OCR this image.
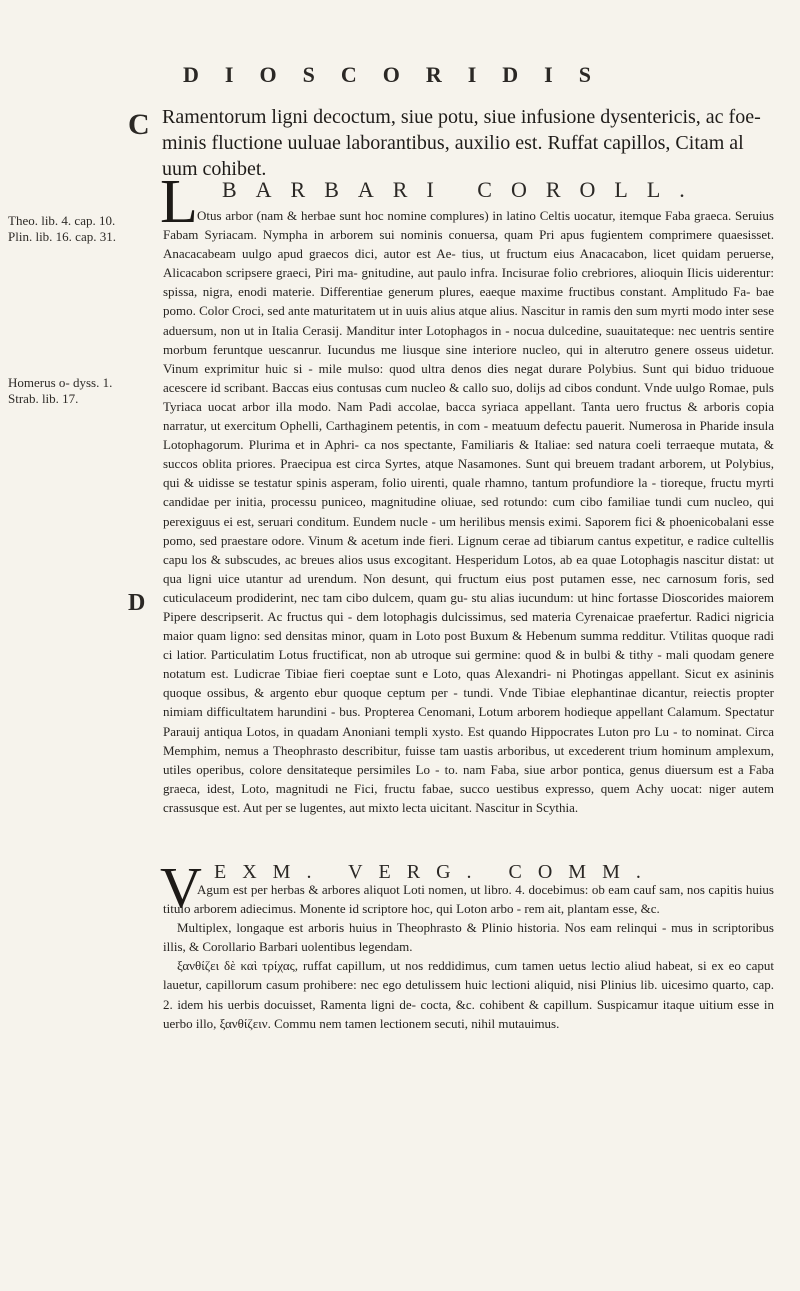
DIOSCORIDIS
C
D
Ramentorum ligni decoctum, siue potu, siue infusione dysentericis, ac foe- minis fluctione uuluae laborantibus, auxilio est. Ruffat capillos, Citam al uum cohibet.
BARBARI COROLL.
L Otus arbor (nam & herbae sunt hoc nomine complures) in latino Celtis uocatur, itemque Faba graeca. Seruius Fabam Syriacam. Nympha in arborem sui nominis conuersa, quam Pri apus fugientem comprimere quaesisset. Anacacabeam uulgo apud graecos dici, autor est Ae- tius, ut fructum eius Anacacabon, licet quidam peruerse, Alicacabon scripsere graeci, Piri ma- gnitudine, aut paulo infra. Incisurae folio crebriores, alioquin Ilicis uiderentur: spissa, nigra, enodi materie. Differentiae generum plures, eaeque maxime fructibus constant. Amplitudo Fa- bae pomo. Color Croci, sed ante maturitatem ut in uuis alius atque alius. Nascitur in ramis den sum myrti modo inter sese aduersum, non ut in Italia Cerasij. Manditur inter Lotophagos in - nocua dulcedine, suauitateque: nec uentris sentire morbum feruntque uescanrur. Iucundus me liusque sine interiore nucleo, qui in alterutro genere osseus uidetur. Vinum exprimitur huic si - mile mulso: quod ultra denos dies negat durare Polybius. Sunt qui biduo triduoue acescere id scribant. Baccas eius contusas cum nucleo & callo suo, dolijs ad cibos condunt. Vnde uulgo Romae, puls Tyriaca uocat arbor illa modo. Nam Padi accolae, bacca syriaca appellant. Tanta uero fructus & arboris copia narratur, ut exercitum Ophelli, Carthaginem petentis, in com - meatuum defectu pauerit. Numerosa in Pharide insula Lotophagorum. Plurima et in Aphri- ca nos spectante, Familiaris & Italiae: sed natura coeli terraeque mutata, & succos oblita priores. Praecipua est circa Syrtes, atque Nasamones. Sunt qui breuem tradant arborem, ut Polybius, qui & uidisse se testatur spinis asperam, folio uirenti, quale rhamno, tantum profundiore la - tioreque, fructu myrti candidae per initia, processu puniceo, magnitudine oliuae, sed rotundo: cum cibo familiae tundi cum nucleo, qui perexiguus ei est, seruari conditum. Eundem nucle - um herilibus mensis eximi. Saporem fici & phoenicobalani esse pomo, sed praestare odore. Vinum & acetum inde fieri. Lignum cerae ad tibiarum cantus expetitur, e radice cultellis capu los & subscudes, ac breues alios usus excogitant. Hesperidum Lotos, ab ea quae Lotophagis nascitur distat: ut qua ligni uice utantur ad urendum. Non desunt, qui fructum eius post putamen esse, nec carnosum foris, sed cuticulaceum prodiderint, nec tam cibo dulcem, quam gu- stu alias iucundum: ut hinc fortasse Dioscorides maiorem Pipere descripserit. Ac fructus qui - dem lotophagis dulcissimus, sed materia Cyrenaicae praefertur. Radici nigricia maior quam ligno: sed densitas minor, quam in Loto post Buxum & Hebenum summa redditur. Vtilitas quoque radi ci latior. Particulatim Lotus fructificat, non ab utroque sui germine: quod & in bulbi & tithy - mali quodam genere notatum est. Ludicrae Tibiae fieri coeptae sunt e Loto, quas Alexandri- ni Photingas appellant. Sicut ex asininis quoque ossibus, & argento ebur quoque ceptum per - tundi. Vnde Tibiae elephantinae dicantur, reiectis propter nimiam difficultatem harundini - bus. Propterea Cenomani, Lotum arborem hodieque appellant Calamum. Spectatur Parauij antiqua Lotos, in quadam Anoniani templi xysto. Est quando Hippocrates Luton pro Lu - to nominat. Circa Memphim, nemus a Theophrasto describitur, fuisse tam uastis arboribus, ut excederent trium hominum amplexum, utiles operibus, colore densitateque persimiles Lo - to. nam Faba, siue arbor pontica, genus diuersum est a Faba graeca, idest, Loto, magnitudi ne Fici, fructu fabae, succo uestibus expresso, quem Achy uocat: niger autem crassusque est. Aut per se lugentes, aut mixto lecta uicitant. Nascitur in Scythia.
Theo. lib. 4. cap. 10. Plin. lib. 16. cap. 31.
Homerus o- dyss. 1. Strab. lib. 17.
EXM. VERG. COMM.
V

Agum est per herbas & arbores aliquot Loti nomen, ut libro. 4. docebimus: ob eam cauf sam, nos capitis huius titulo arborem adiecimus. Monente id scriptore hoc, qui Loton arbo - rem ait, plantam esse, &c.

Multiplex, longaque est arboris huius in Theophrasto & Plinio historia. Nos eam relinqui - mus in scriptoribus illis, & Corollario Barbari uolentibus legendam.

ξανθίζει δὲ καὶ τρίχας, ruffat capillum, ut nos reddidimus, cum tamen uetus lectio aliud habeat, si ex eo caput lauetur, capillorum casum prohibere: nec ego detulissem huic lectioni aliquid, nisi Plinius lib. uicesimo quarto, cap. 2. idem his uerbis docuisset, Ramenta ligni de- cocta, &c. cohibent & capillum. Suspicamur itaque uitium esse in uerbo illo, ξανθίζειν. Commu nem tamen lectionem secuti, nihil mutauimus.
